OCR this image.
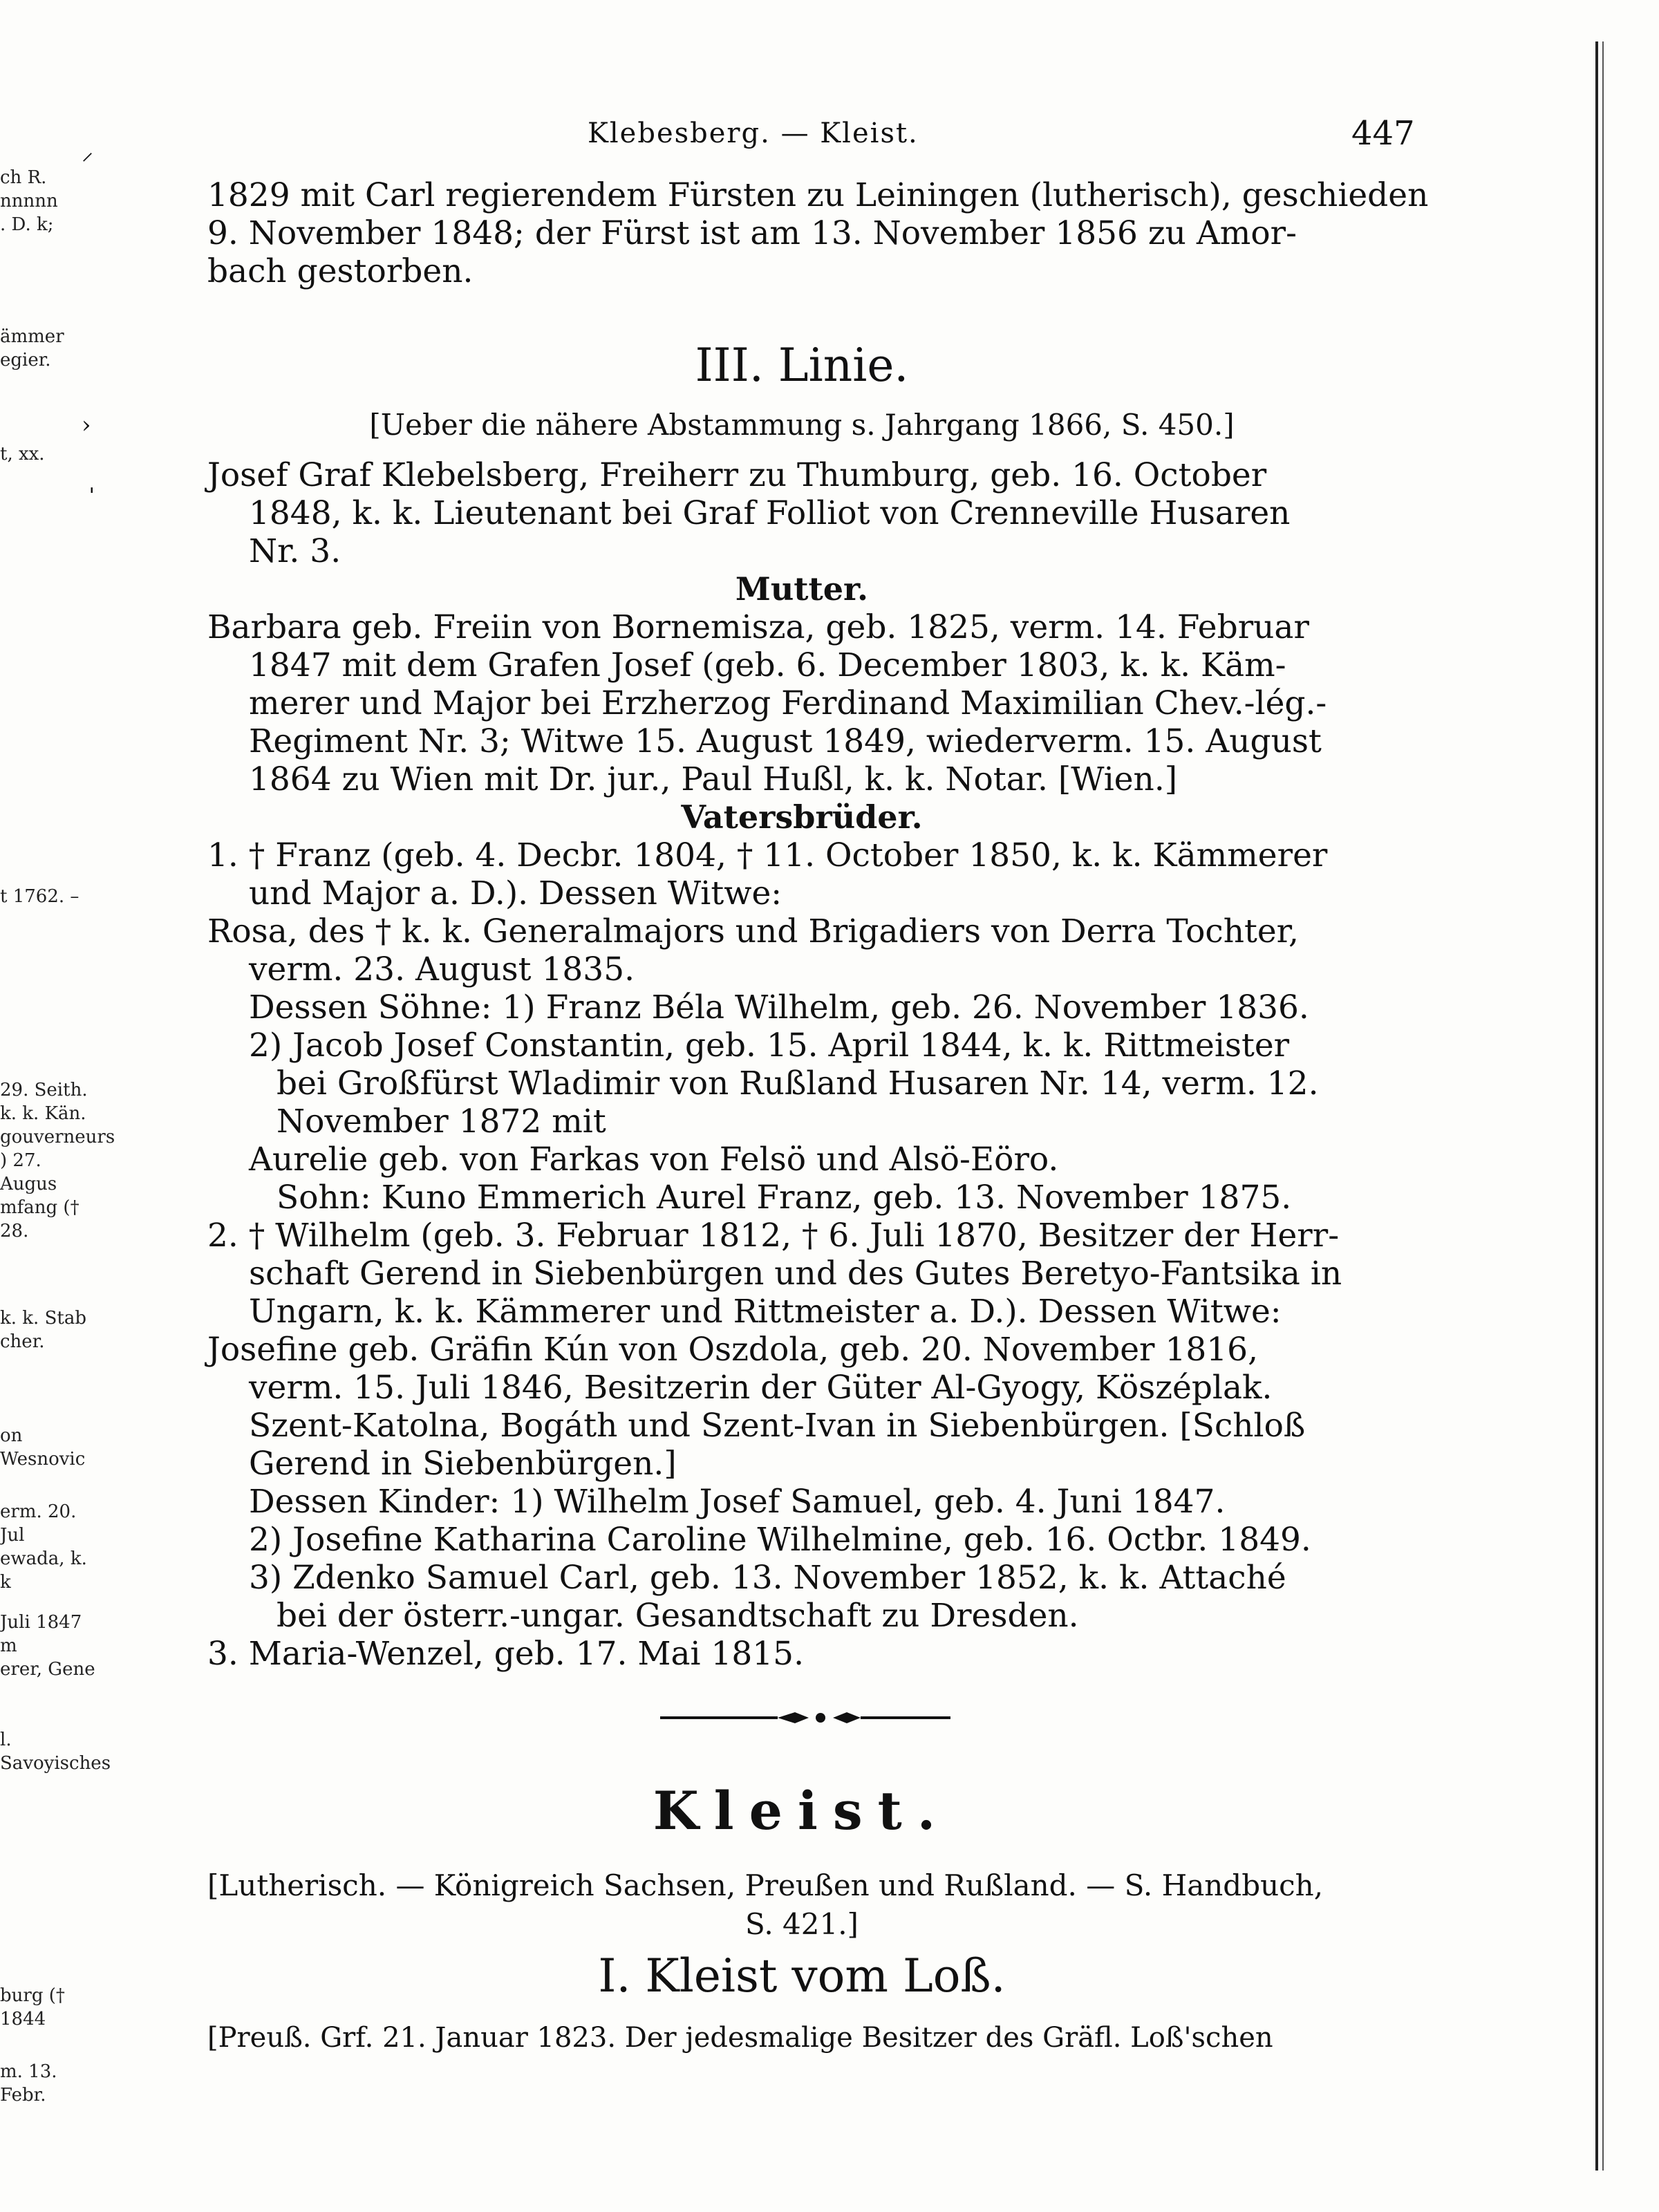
ch R.
nnnnn
. D. k;
ämmer
egier.
t, xx.
t 1762. –
29. Seith.
k. k. Kän.
gouverneurs
) 27. Augus
mfang († 28.
k. k. Stab
cher.
on Wesnovic
erm. 20. Jul
ewada, k. k
Juli 1847 m
erer, Gene
l. Savoyisches
burg († 1844
m. 13. Febr.
⸝
›
ˈ
Klebesberg. — Kleist.	447
1829 mit Carl regierendem Fürsten zu Leiningen (lutherisch), geschieden
9. November 1848; der Fürst ist am 13. November 1856 zu Amor-
bach gestorben.
III. Linie.
[Ueber die nähere Abstammung s. Jahrgang 1866, S. 450.]
Josef Graf Klebelsberg, Freiherr zu Thumburg, geb. 16. October
1848, k. k. Lieutenant bei Graf Folliot von Crenneville Husaren
Nr. 3.
Mutter.
Barbara geb. Freiin von Bornemisza, geb. 1825, verm. 14. Februar
1847 mit dem Grafen Josef (geb. 6. December 1803, k. k. Käm-
merer und Major bei Erzherzog Ferdinand Maximilian Chev.-lég.-
Regiment Nr. 3; Witwe 15. August 1849, wiederverm. 15. August
1864 zu Wien mit Dr. jur., Paul Hußl, k. k. Notar. [Wien.]
Vatersbrüder.
1. † Franz (geb. 4. Decbr. 1804, † 11. October 1850, k. k. Kämmerer
und Major a. D.). Dessen Witwe:
Rosa, des † k. k. Generalmajors und Brigadiers von Derra Tochter,
verm. 23. August 1835.
Dessen Söhne: 1) Franz Béla Wilhelm, geb. 26. November 1836.
2) Jacob Josef Constantin, geb. 15. April 1844, k. k. Rittmeister
bei Großfürst Wladimir von Rußland Husaren Nr. 14, verm. 12.
November 1872 mit
Aurelie geb. von Farkas von Felsö und Alsö-Eöro.
Sohn: Kuno Emmerich Aurel Franz, geb. 13. November 1875.
2. † Wilhelm (geb. 3. Februar 1812, † 6. Juli 1870, Besitzer der Herr-
schaft Gerend in Siebenbürgen und des Gutes Beretyo-Fantsika in
Ungarn, k. k. Kämmerer und Rittmeister a. D.). Dessen Witwe:
Josefine geb. Gräfin Kún von Oszdola, geb. 20. November 1816,
verm. 15. Juli 1846, Besitzerin der Güter Al-Gyogy, Köszéplak.
Szent-Katolna, Bogáth und Szent-Ivan in Siebenbürgen. [Schloß
Gerend in Siebenbürgen.]
Dessen Kinder: 1) Wilhelm Josef Samuel, geb. 4. Juni 1847.
2) Josefine Katharina Caroline Wilhelmine, geb. 16. Octbr. 1849.
3) Zdenko Samuel Carl, geb. 13. November 1852, k. k. Attaché
bei der österr.-ungar. Gesandtschaft zu Dresden.
3. Maria-Wenzel, geb. 17. Mai 1815.
Kleist.
[Lutherisch. — Königreich Sachsen, Preußen und Rußland. — S. Handbuch,
S. 421.]
I. Kleist vom Loß.
[Preuß. Grf. 21. Januar 1823. Der jedesmalige Besitzer des Gräfl. Loß'schen
